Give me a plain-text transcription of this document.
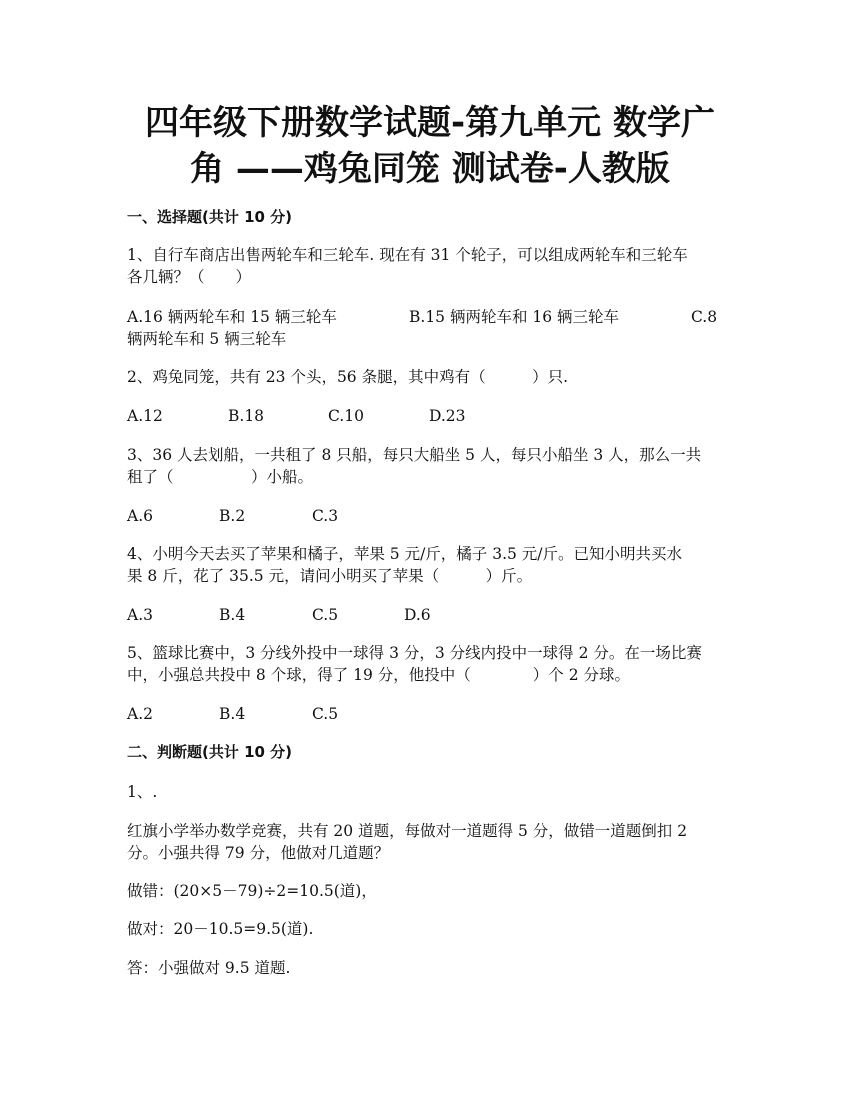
四年级下册数学试题-第九单元 数学广
角 ——鸡兔同笼 测试卷-人教版
一、选择题(共计 10 分)
1、自行车商店出售两轮车和三轮车. 现在有 31 个轮子，可以组成两轮车和三轮车
各几辆？（　　）
A.16 辆两轮车和 15 辆三轮车	B.15 辆两轮车和 16 辆三轮车	C.8
辆两轮车和 5 辆三轮车
2、鸡兔同笼，共有 23 个头，56 条腿，其中鸡有（　　　）只.
A.12	B.18	C.10	D.23
3、36 人去划船，一共租了 8 只船，每只大船坐 5 人，每只小船坐 3 人，那么一共
租了（　　　　　）小船。
A.6	B.2	C.3
4、小明今天去买了苹果和橘子，苹果 5 元/斤，橘子 3.5 元/斤。已知小明共买水
果 8 斤，花了 35.5 元，请问小明买了苹果（　　　）斤。
A.3	B.4	C.5	D.6
5、篮球比赛中，3 分线外投中一球得 3 分，3 分线内投中一球得 2 分。在一场比赛
中，小强总共投中 8 个球，得了 19 分，他投中（　　　　）个 2 分球。
A.2	B.4	C.5
二、判断题(共计 10 分)
1、.
红旗小学举办数学竞赛，共有 20 道题，每做对一道题得 5 分，做错一道题倒扣 2
分。小强共得 79 分，他做对几道题？
做错：(20×5－79)÷2=10.5(道)，
做对：20－10.5=9.5(道).
答：小强做对 9.5 道题.
